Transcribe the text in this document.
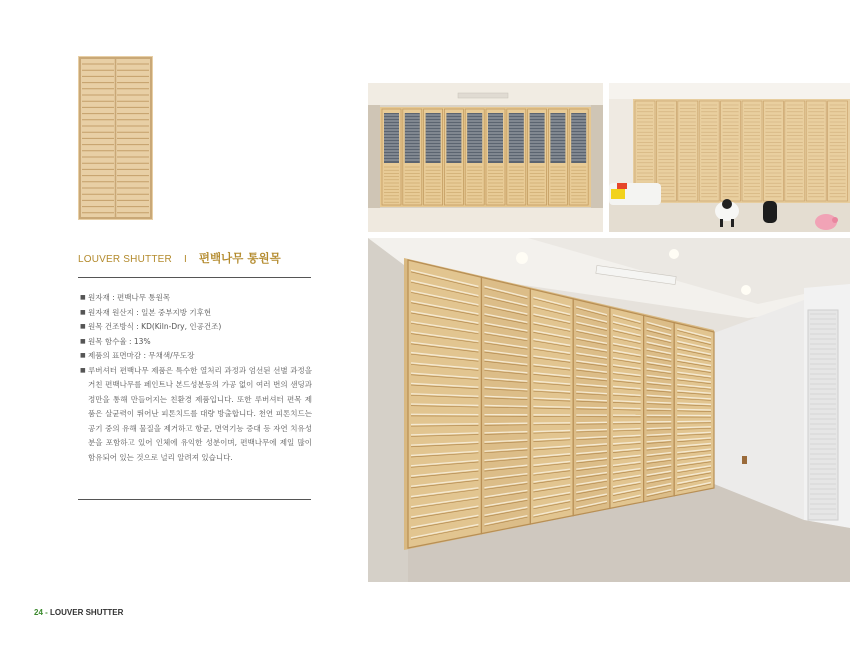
LOUVER SHUTTER I 편백나무 통원목
■ 원자재 : 편백나무 통원목
■ 원자재 원산지 : 일본 중부지방 기후현
■ 원목 건조방식 : KD(Kiln-Dry, 인공건조)
■ 원목 함수율 : 13%
■ 제품의 표면마감 : 무채색/무도장
■ 루버셔터 편백나무 제품은 특수한 열처리 과정과 엄선된 선별 과정을 거친 편백나무를 페인트나 본드성분등의 가공 없이 여러 번의 샌딩과정만을 통해 만들어지는 친환경 제품입니다. 또한 루버셔터 편목 제품은 살균력이 뛰어난 피톤치드를 대량 방출합니다. 천연 피톤치드는 공기 중의 유해 물질을 제거하고 항균, 면역기능 증대 등 자연 치유성분을 포함하고 있어 인체에 유익한 성분이며, 편백나무에 제일 많이 함유되어 있는 것으로 널리 알려져 있습니다.
24 - LOUVER SHUTTER
